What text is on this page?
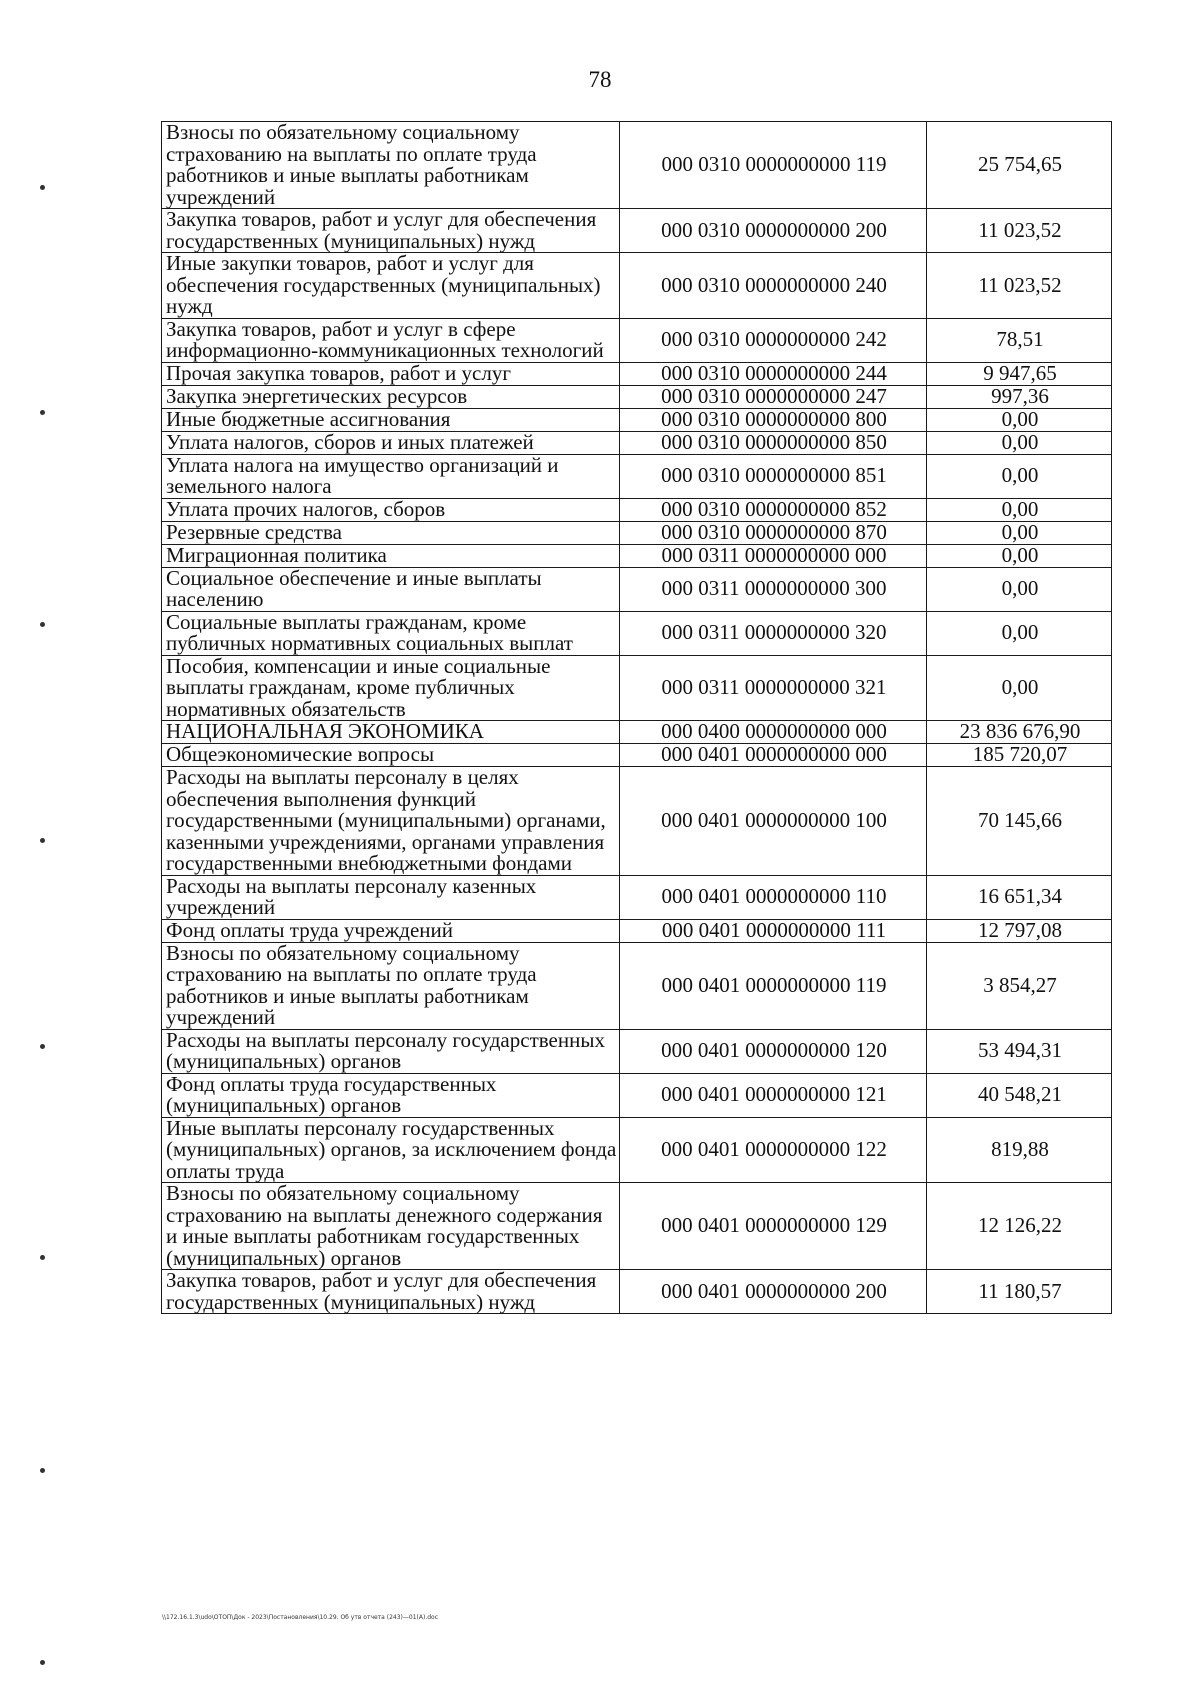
78
Взносы по обязательному социальному страхованию на выплаты по оплате труда работников и иные выплаты работникам учреждений	000 0310 0000000000 119	25 754,65
Закупка товаров, работ и услуг для обеспечения государственных (муниципальных) нужд	000 0310 0000000000 200	11 023,52
Иные закупки товаров, работ и услуг для обеспечения государственных (муниципальных) нужд	000 0310 0000000000 240	11 023,52
Закупка товаров, работ и услуг в сфере информационно-коммуникационных технологий	000 0310 0000000000 242	78,51
Прочая закупка товаров, работ и услуг	000 0310 0000000000 244	9 947,65
Закупка энергетических ресурсов	000 0310 0000000000 247	997,36
Иные бюджетные ассигнования	000 0310 0000000000 800	0,00
Уплата налогов, сборов и иных платежей	000 0310 0000000000 850	0,00
Уплата налога на имущество организаций и земельного налога	000 0310 0000000000 851	0,00
Уплата прочих налогов, сборов	000 0310 0000000000 852	0,00
Резервные средства	000 0310 0000000000 870	0,00
Миграционная политика	000 0311 0000000000 000	0,00
Социальное обеспечение и иные выплаты населению	000 0311 0000000000 300	0,00
Социальные выплаты гражданам, кроме публичных нормативных социальных выплат	000 0311 0000000000 320	0,00
Пособия, компенсации и иные социальные выплаты гражданам, кроме публичных нормативных обязательств	000 0311 0000000000 321	0,00
НАЦИОНАЛЬНАЯ ЭКОНОМИКА	000 0400 0000000000 000	23 836 676,90
Общеэкономические вопросы	000 0401 0000000000 000	185 720,07
Расходы на выплаты персоналу в целях обеспечения выполнения функций государственными (муниципальными) органами, казенными учреждениями, органами управления государственными внебюджетными фондами	000 0401 0000000000 100	70 145,66
Расходы на выплаты персоналу казенных учреждений	000 0401 0000000000 110	16 651,34
Фонд оплаты труда учреждений	000 0401 0000000000 111	12 797,08
Взносы по обязательному социальному страхованию на выплаты по оплате труда работников и иные выплаты работникам учреждений	000 0401 0000000000 119	3 854,27
Расходы на выплаты персоналу государственных (муниципальных) органов	000 0401 0000000000 120	53 494,31
Фонд оплаты труда государственных (муниципальных) органов	000 0401 0000000000 121	40 548,21
Иные выплаты персоналу государственных (муниципальных) органов, за исключением фонда оплаты труда	000 0401 0000000000 122	819,88
Взносы по обязательному социальному страхованию на выплаты денежного содержания и иные выплаты работникам государственных (муниципальных) органов	000 0401 0000000000 129	12 126,22
Закупка товаров, работ и услуг для обеспечения государственных (муниципальных) нужд	000 0401 0000000000 200	11 180,57
\\172.16.1.3\udo\ОТОП\Док - 2023\Постановления\10.29. Об утв отчета (243)—01(А).doc
